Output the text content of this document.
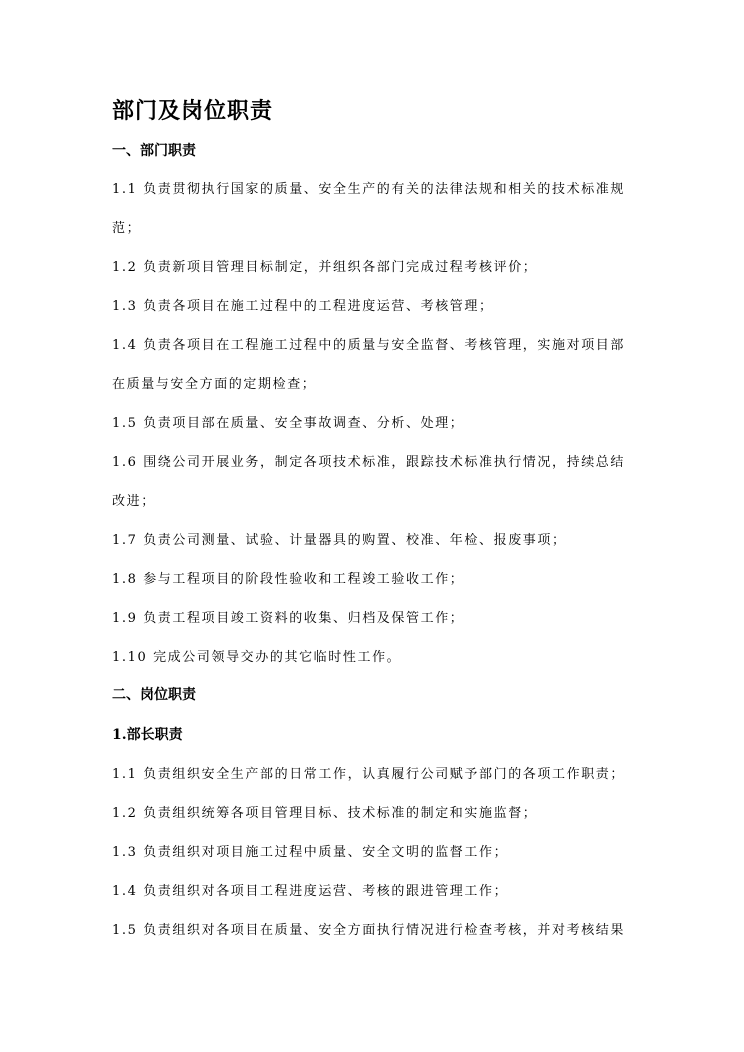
部门及岗位职责
一、部门职责
1.1 负责贯彻执行国家的质量、安全生产的有关的法律法规和相关的技术标准规
范；
1.2 负责新项目管理目标制定，并组织各部门完成过程考核评价；
1.3 负责各项目在施工过程中的工程进度运营、考核管理；
1.4 负责各项目在工程施工过程中的质量与安全监督、考核管理，实施对项目部
在质量与安全方面的定期检查；
1.5 负责项目部在质量、安全事故调查、分析、处理；
1.6 围绕公司开展业务，制定各项技术标准，跟踪技术标准执行情况，持续总结
改进；
1.7 负责公司测量、试验、计量器具的购置、校准、年检、报废事项；
1.8 参与工程项目的阶段性验收和工程竣工验收工作；
1.9 负责工程项目竣工资料的收集、归档及保管工作；
1.10 完成公司领导交办的其它临时性工作。
二、岗位职责
1.部长职责
1.1 负责组织安全生产部的日常工作，认真履行公司赋予部门的各项工作职责；
1.2 负责组织统筹各项目管理目标、技术标准的制定和实施监督；
1.3 负责组织对项目施工过程中质量、安全文明的监督工作；
1.4 负责组织对各项目工程进度运营、考核的跟进管理工作；
1.5 负责组织对各项目在质量、安全方面执行情况进行检查考核，并对考核结果
